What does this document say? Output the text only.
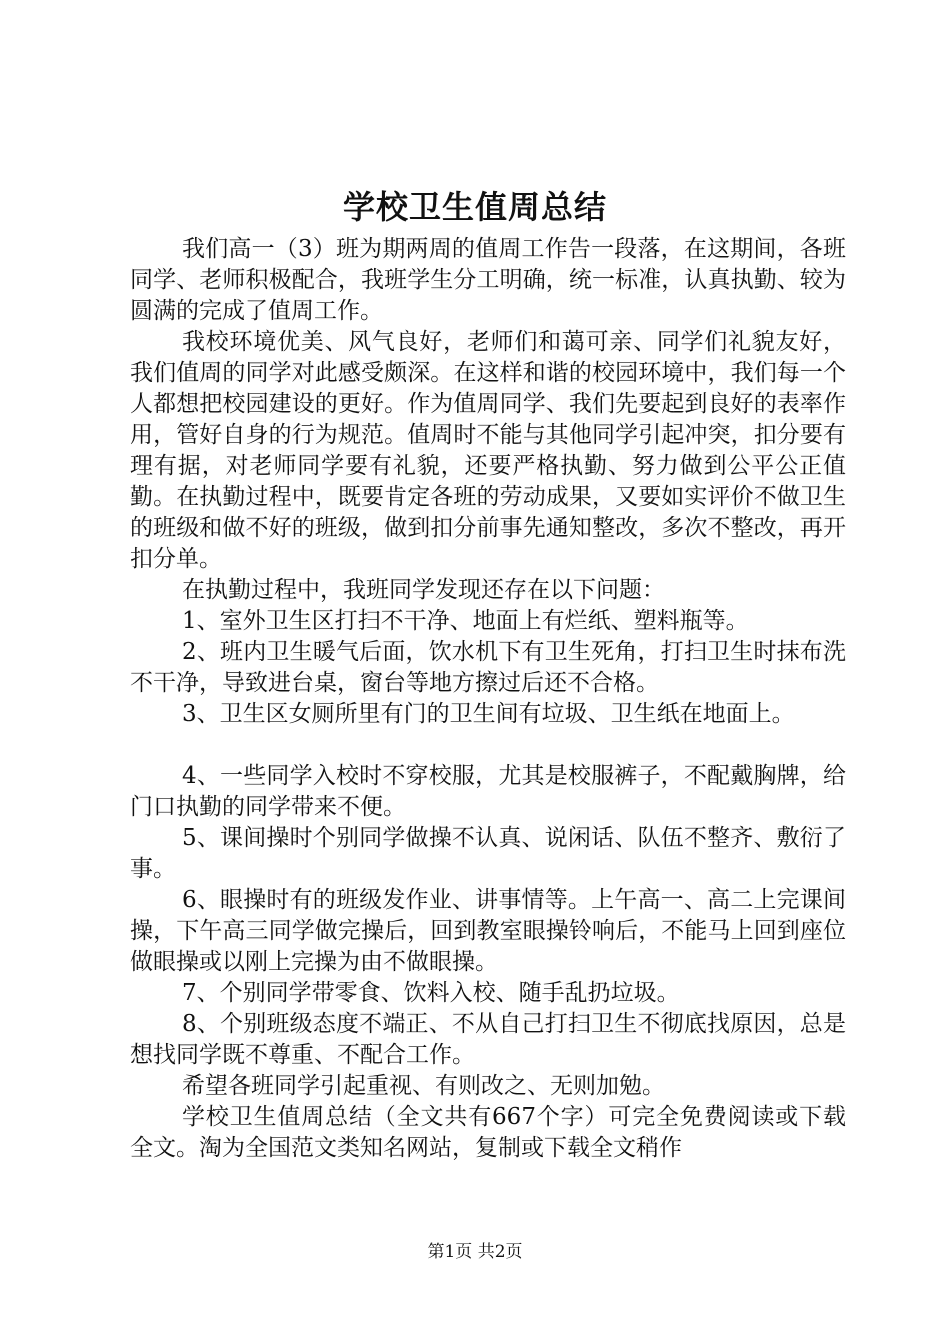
学校卫生值周总结

我们高一（3）班为期两周的值周工作告一段落，在这期间，各班同学、老师积极配合，我班学生分工明确，统一标准，认真执勤、较为圆满的完成了值周工作。

我校环境优美、风气良好，老师们和蔼可亲、同学们礼貌友好，我们值周的同学对此感受颇深。在这样和谐的校园环境中，我们每一个人都想把校园建设的更好。作为值周同学、我们先要起到良好的表率作用，管好自身的行为规范。值周时不能与其他同学引起冲突，扣分要有理有据，对老师同学要有礼貌，还要严格执勤、努力做到公平公正值勤。在执勤过程中，既要肯定各班的劳动成果，又要如实评价不做卫生的班级和做不好的班级，做到扣分前事先通知整改，多次不整改，再开扣分单。

在执勤过程中，我班同学发现还存在以下问题：

1、室外卫生区打扫不干净、地面上有烂纸、塑料瓶等。

2、班内卫生暖气后面，饮水机下有卫生死角，打扫卫生时抹布洗不干净，导致进台桌，窗台等地方擦过后还不合格。

3、卫生区女厕所里有门的卫生间有垃圾、卫生纸在地面上。

4、一些同学入校时不穿校服，尤其是校服裤子，不配戴胸牌，给门口执勤的同学带来不便。

5、课间操时个别同学做操不认真、说闲话、队伍不整齐、敷衍了事。

6、眼操时有的班级发作业、讲事情等。上午高一、高二上完课间操，下午高三同学做完操后，回到教室眼操铃响后，不能马上回到座位做眼操或以刚上完操为由不做眼操。

7、个别同学带零食、饮料入校、随手乱扔垃圾。

8、个别班级态度不端正、不从自己打扫卫生不彻底找原因，总是想找同学既不尊重、不配合工作。

希望各班同学引起重视、有则改之、无则加勉。

学校卫生值周总结（全文共有667个字）可完全免费阅读或下载全文。淘为全国范文类知名网站，复制或下载全文稍作

第1页 共2页
